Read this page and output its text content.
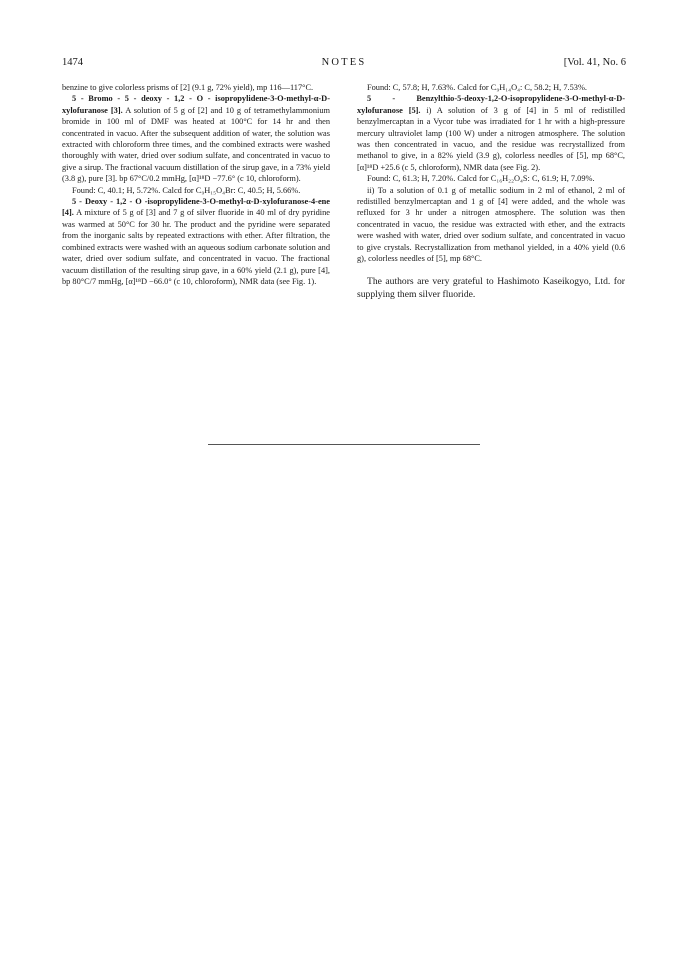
1474	NOTES	[Vol. 41, No. 6

benzine to give colorless prisms of [2] (9.1 g, 72% yield), mp 116—117°C.

5 - Bromo - 5 - deoxy - 1,2 - O - isopropylidene-3-O-methyl-α-D-xylofuranose [3]. A solution of 5 g of [2] and 10 g of tetramethylammonium bromide in 100 ml of DMF was heated at 100°C for 14 hr and then concentrated in vacuo. After the subsequent addition of water, the solution was extracted with chloroform three times, and the combined extracts were washed thoroughly with water, dried over sodium sulfate, and concentrated in vacuo to give a sirup. The fractional vacuum distillation of the sirup gave, in a 73% yield (3.8 g), pure [3]. bp 67°C/0.2 mmHg, [α]¹⁸D −77.6° (c 10, chloroform).

Found: C, 40.1; H, 5.72%. Calcd for C₉H₁₅O₄Br: C, 40.5; H, 5.66%.

5 - Deoxy - 1,2 - O -isopropylidene-3-O-methyl-α-D-xylofuranose-4-ene [4]. A mixture of 5 g of [3] and 7 g of silver fluoride in 40 ml of dry pyridine was warmed at 50°C for 30 hr. The product and the pyridine were separated from the inorganic salts by repeated extractions with ether. After filtration, the combined extracts were washed with an aqueous sodium carbonate solution and water, dried over sodium sulfate, and concentrated in vacuo. The fractional vacuum distillation of the resulting sirup gave, in a 60% yield (2.1 g), pure [4], bp 80°C/7 mmHg, [α]¹⁸D −66.0° (c 10, chloroform), NMR data (see Fig. 1).

Found: C, 57.8; H, 7.63%. Calcd for C₉H₁₄O₄: C, 58.2; H, 7.53%.

5 - Benzylthio-5-deoxy-1,2-O-isopropylidene-3-O-methyl-α-D-xylofuranose [5]. i) A solution of 3 g of [4] in 5 ml of redistilled benzylmercaptan in a Vycor tube was irradiated for 1 hr with a high-pressure mercury ultraviolet lamp (100 W) under a nitrogen atmosphere. The solution was then concentrated in vacuo, and the residue was recrystallized from methanol to give, in a 82% yield (3.9 g), colorless needles of [5], mp 68°C, [α]¹⁸D +25.6 (c 5, chloroform), NMR data (see Fig. 2).

Found: C, 61.3; H, 7.20%. Calcd for C₁₆H₂₂O₄S: C, 61.9; H, 7.09%.

ii) To a solution of 0.1 g of metallic sodium in 2 ml of ethanol, 2 ml of redistilled benzylmercaptan and 1 g of [4] were added, and the whole was refluxed for 3 hr under a nitrogen atmosphere. The solution was then concentrated in vacuo, the residue was extracted with ether, and the extracts were washed with water, dried over sodium sulfate, and concentrated in vacuo to give crystals. Recrystallization from methanol yielded, in a 40% yield (0.6 g), colorless needles of [5], mp 68°C.

The authors are very grateful to Hashimoto Kaseikogyo, Ltd. for supplying them silver fluoride.
